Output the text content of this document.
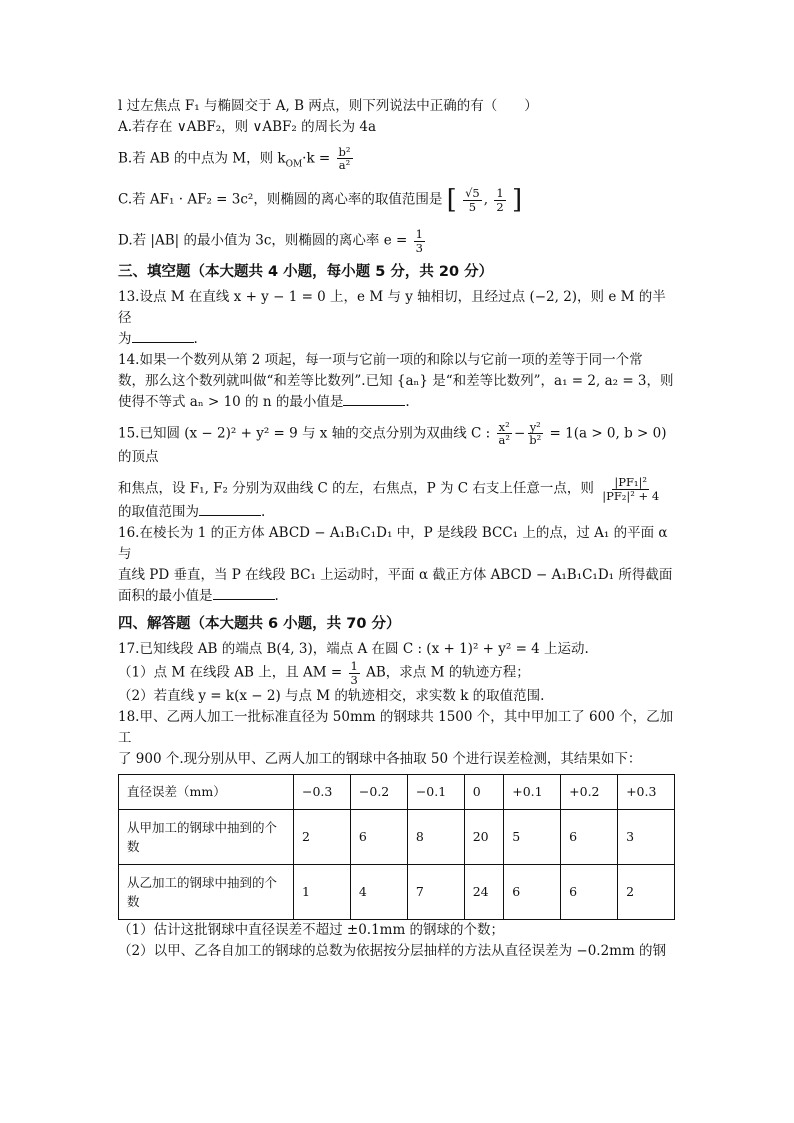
l 过左焦点 F₁ 与椭圆交于 A, B 两点，则下列说法中正确的有（　　）

A.若存在 ∨ABF₂，则 ∨ABF₂ 的周长为 4a

B.若 AB 的中点为 M，则 $k_{OM}\cdot k = \frac{\text{b²}}{\text{a²}}$

C.若 AF₁ · AF₂ = 3c²，则椭圆的离心率的取值范围是 [ $\frac{√5}{5}$ , $\frac{1}{2}$ ]

D.若 |AB| 的最小值为 3c，则椭圆的离心率 $e = \frac{1}{3}$

三、填空题（本大题共 4 小题，每小题 5 分，共 20 分）

13.设点 M 在直线 x + y − 1 = 0 上，e M 与 y 轴相切，且经过点 (−2, 2)，则 e M 的半径

为	.

14.如果一个数列从第 2 项起，每一项与它前一项的和除以与它前一项的差等于同一个常

数，那么这个数列就叫做“和差等比数列”.已知 {aₙ} 是“和差等比数列”，a₁ = 2, a₂ = 3，则

使得不等式 aₙ > 10 的 n 的最小值是	.

15.已知圆 (x − 2)² + y² = 9 与 x 轴的交点分别为双曲线 C : $\frac{\text{x²}}{\text{a²}} - \frac{\text{y²}}{\text{b²}} = 1(a > 0$, b > 0) 的顶点

和焦点，设 F₁, F₂ 分别为双曲线 C 的左，右焦点，P 为 C 右支上任意一点，则 $\frac{\text{|PF₁|²}}{\text{|PF₂|² + 4}}$

的取值范围为	.

16.在棱长为 1 的正方体 ABCD − A₁B₁C₁D₁ 中，P 是线段 BCC₁ 上的点，过 A₁ 的平面 α 与

直线 PD 垂直，当 P 在线段 BC₁ 上运动时，平面 α 截正方体 ABCD − A₁B₁C₁D₁ 所得截面

面积的最小值是	.

四、解答题（本大题共 6 小题，共 70 分）

17.已知线段 AB 的端点 B(4, 3)，端点 A 在圆 C : (x + 1)² + y² = 4 上运动.

（1）点 M 在线段 AB 上，且 AM = $\frac{1}{3}$ AB，求点 M 的轨迹方程；

（2）若直线 y = k(x − 2) 与点 M 的轨迹相交，求实数 k 的取值范围.

18.甲、乙两人加工一批标准直径为 50mm 的钢球共 1500 个，其中甲加工了 600 个，乙加工

了 900 个.现分别从甲、乙两人加工的钢球中各抽取 50 个进行误差检测，其结果如下：

直径误差（mm）	−0.3	−0.2	−0.1	0	+0.1	+0.2	+0.3
从甲加工的钢球中抽到的个数	2	6	8	20	5	6	3
从乙加工的钢球中抽到的个数	1	4	7	24	6	6	2

（1）估计这批钢球中直径误差不超过 ±0.1mm 的钢球的个数；

（2）以甲、乙各自加工的钢球的总数为依据按分层抽样的方法从直径误差为 −0.2mm 的钢
